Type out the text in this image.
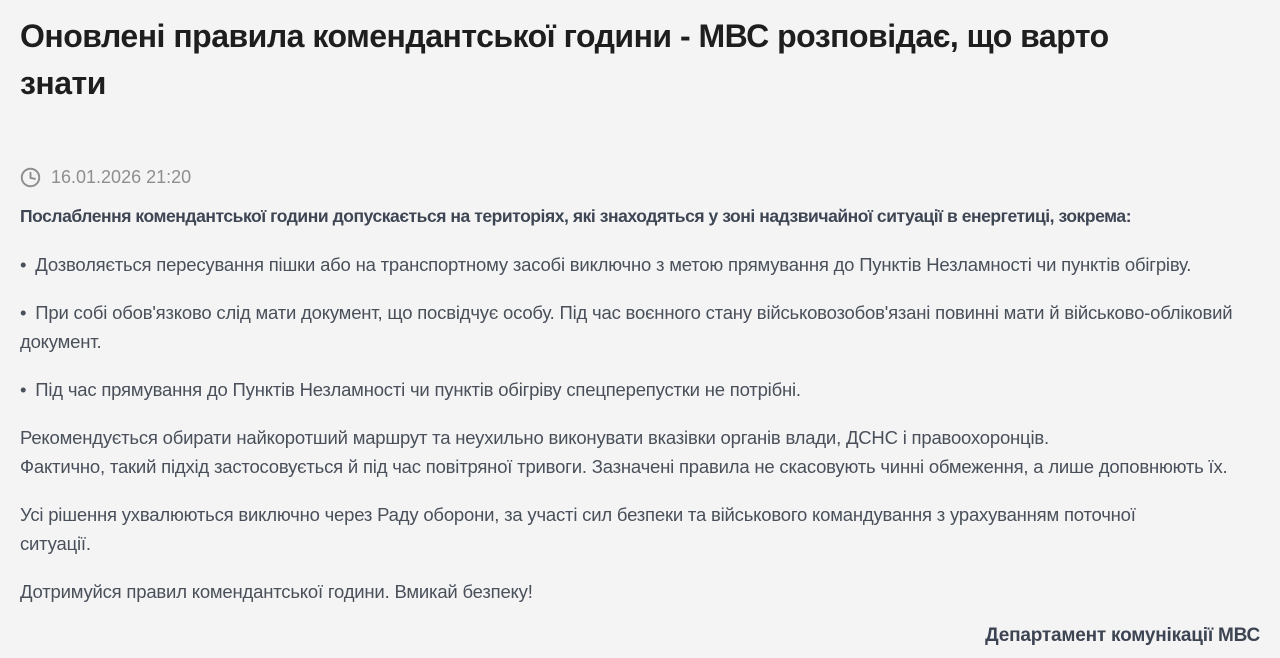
Оновлені правила комендантської години - МВС розповідає, що варто знати
16.01.2026 21:20

Послаблення комендантської години допускається на територіях, які знаходяться у зоні надзвичайної ситуації в енергетиці, зокрема:

• Дозволяється пересування пішки або на транспортному засобі виключно з метою прямування до Пунктів Незламності чи пунктів обігріву.

• При собі обов'язково слід мати документ, що посвідчує особу. Під час воєнного стану військовозобов'язані повинні мати й військово-обліковий документ.

• Під час прямування до Пунктів Незламності чи пунктів обігріву спецперепустки не потрібні.

Рекомендується обирати найкоротший маршрут та неухильно виконувати вказівки органів влади, ДСНС і правоохоронців.
Фактично, такий підхід застосовується й під час повітряної тривоги. Зазначені правила не скасовують чинні обмеження, а лише доповнюють їх.

Усі рішення ухвалюються виключно через Раду оборони, за участі сил безпеки та військового командування з урахуванням поточної ситуації.

Дотримуйся правил комендантської години. Вмикай безпеку!

Департамент комунікації МВС
